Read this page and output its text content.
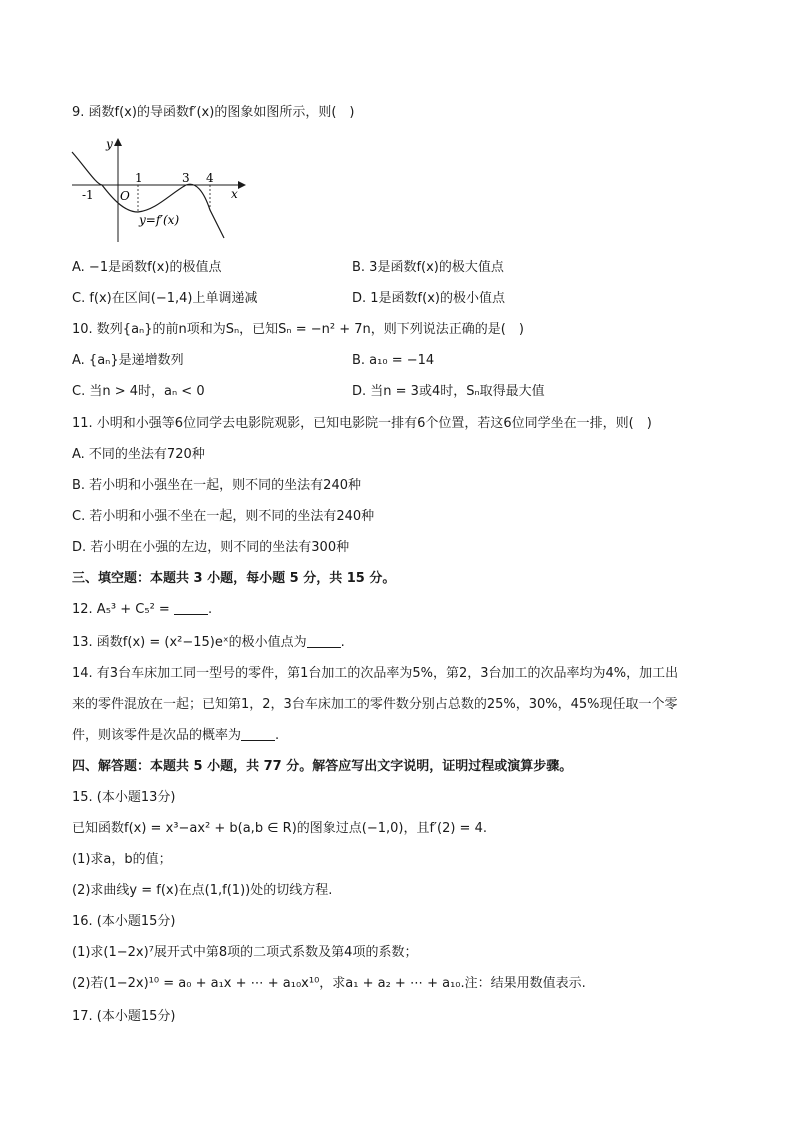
9. 函数f(x)的导函数f′(x)的图象如图所示，则(　)
y
x
O
-1
1	3 4
y=f′(x)
A. −1是函数f(x)的极值点	B. 3是函数f(x)的极大值点
C. f(x)在区间(−1,4)上单调递减	D. 1是函数f(x)的极小值点
10. 数列{aₙ}的前n项和为Sₙ，已知Sₙ = −n² + 7n，则下列说法正确的是(　)
A. {aₙ}是递增数列	B. a₁₀ = −14
C. 当n > 4时，aₙ < 0	D. 当n = 3或4时，Sₙ取得最大值
11. 小明和小强等6位同学去电影院观影，已知电影院一排有6个位置，若这6位同学坐在一排，则(　)
A. 不同的坐法有720种
B. 若小明和小强坐在一起，则不同的坐法有240种
C. 若小明和小强不坐在一起，则不同的坐法有240种
D. 若小明在小强的左边，则不同的坐法有300种
三、填空题：本题共 3 小题，每小题 5 分，共 15 分。
12. A₅³ + C₅² =	.
13. 函数f(x) = (x²−15)eˣ的极小值点为	.
14. 有3台车床加工同一型号的零件，第1台加工的次品率为5%，第2，3台加工的次品率均为4%，加工出
来的零件混放在一起；已知第1，2，3台车床加工的零件数分别占总数的25%，30%，45%现任取一个零
件，则该零件是次品的概率为	.
四、解答题：本题共 5 小题，共 77 分。解答应写出文字说明，证明过程或演算步骤。
15. (本小题13分)
已知函数f(x) = x³−ax² + b(a,b ∈ R)的图象过点(−1,0)，且f′(2) = 4.
(1)求a，b的值；
(2)求曲线y = f(x)在点(1,f(1))处的切线方程.
16. (本小题15分)
(1)求(1−2x)⁷展开式中第8项的二项式系数及第4项的系数；
(2)若(1−2x)¹⁰ = a₀ + a₁x + ⋯ + a₁₀x¹⁰，求a₁ + a₂ + ⋯ + a₁₀.注：结果用数值表示.
17. (本小题15分)
